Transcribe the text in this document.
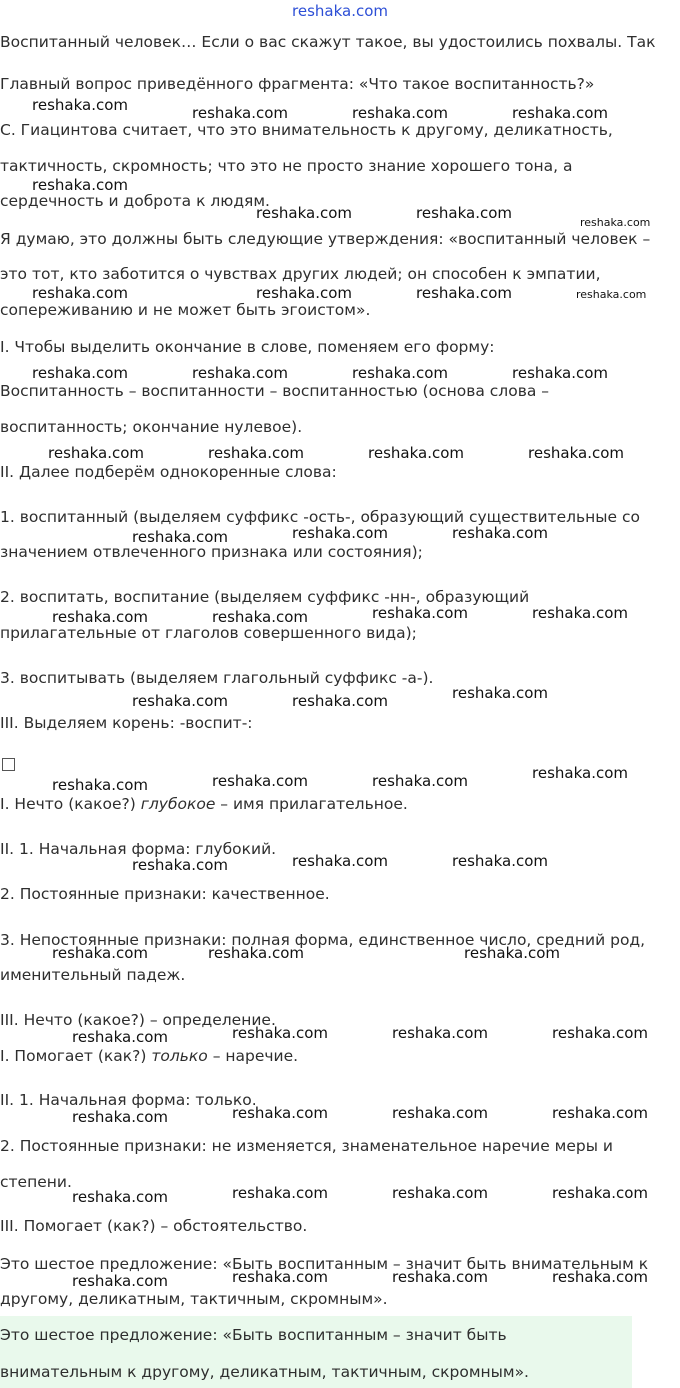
reshaka.com
Воспитанный человек… Если о вас скажут такое, вы удостоились похвалы. Так
Главный вопрос приведённого фрагмента: «Что такое воспитанность?»
С. Гиацинтова считает, что это внимательность к другому, деликатность,
тактичность, скромность; что это не просто знание хорошего тона, а
сердечность и доброта к людям.
Я думаю, это должны быть следующие утверждения: «воспитанный человек –
это тот, кто заботится о чувствах других людей; он способен к эмпатии,
сопереживанию и не может быть эгоистом».
I. Чтобы выделить окончание в слове, поменяем его форму:
Воспитанность – воспитанности – воспитанностью (основа слова –
воспитанность; окончание нулевое).
II. Далее подберём однокоренные слова:
1. воспитанный (выделяем суффикс -ость-, образующий существительные со
значением отвлеченного признака или состояния);
2. воспитать, воспитание (выделяем суффикс -нн-, образующий
прилагательные от глаголов совершенного вида);
3. воспитывать (выделяем глагольный суффикс -а-).
III. Выделяем корень: -воспит-:
I. Нечто (какое?) глубокое – имя прилагательное.
II. 1. Начальная форма: глубокий.
2. Постоянные признаки: качественное.
3. Непостоянные признаки: полная форма, единственное число, средний род,
именительный падеж.
III. Нечто (какое?) – определение.
I. Помогает (как?) только – наречие.
II. 1. Начальная форма: только.
2. Постоянные признаки: не изменяется, знаменательное наречие меры и
степени.
III. Помогает (как?) – обстоятельство.
Это шестое предложение: «Быть воспитанным – значит быть внимательным к
другому, деликатным, тактичным, скромным».
Это шестое предложение: «Быть воспитанным – значит быть
внимательным к другому, деликатным, тактичным, скромным».
reshaka.com	reshaka.com	reshaka.com	reshaka.com
reshaka.com
reshaka.com	reshaka.com
reshaka.com
reshaka.com	reshaka.com	reshaka.com	reshaka.com
reshaka.com	reshaka.com	reshaka.com	reshaka.com
reshaka.com	reshaka.com	reshaka.com	reshaka.com
reshaka.com	reshaka.com	reshaka.com
reshaka.com	reshaka.com	reshaka.com	reshaka.com
reshaka.com	reshaka.com	reshaka.com
reshaka.com	reshaka.com	reshaka.com	reshaka.com
reshaka.com	reshaka.com	reshaka.com
reshaka.com	reshaka.com	reshaka.com
reshaka.com	reshaka.com	reshaka.com	reshaka.com
reshaka.com	reshaka.com	reshaka.com	reshaka.com
reshaka.com	reshaka.com	reshaka.com	reshaka.com
reshaka.com	reshaka.com	reshaka.com	reshaka.com
